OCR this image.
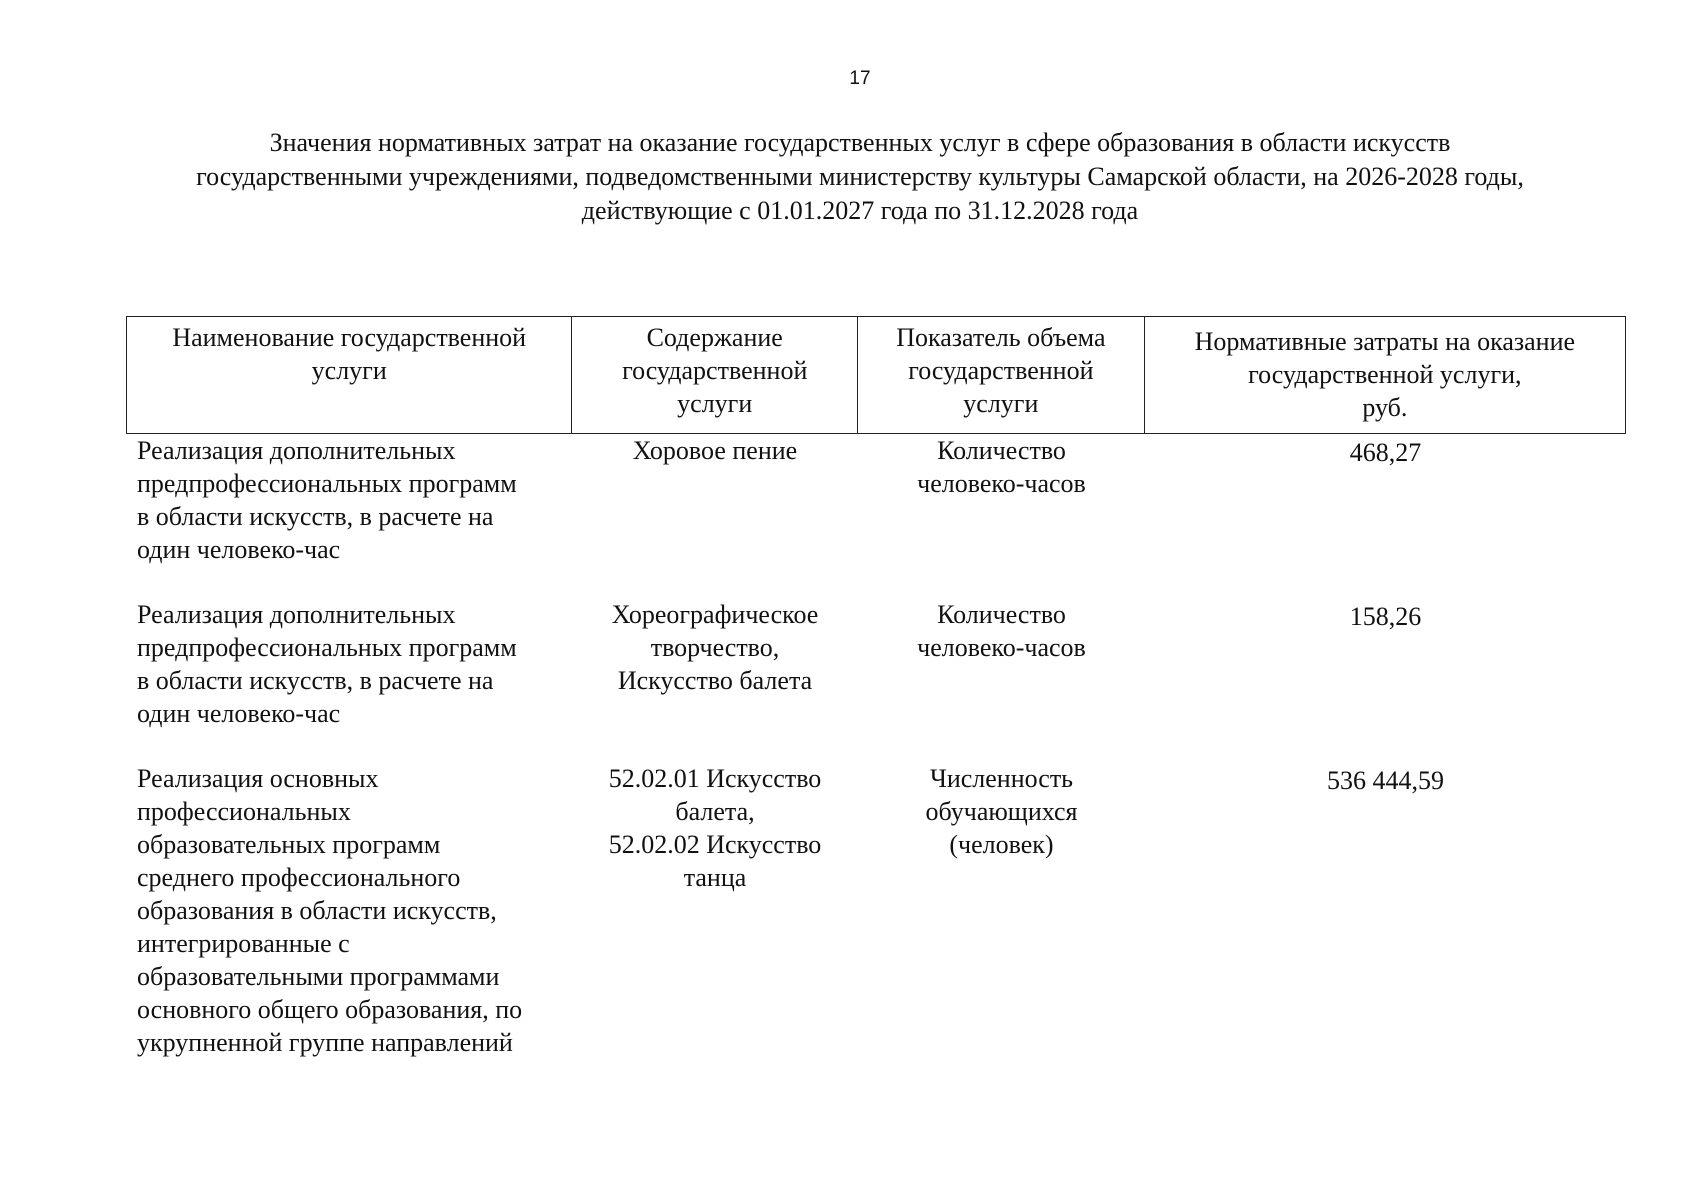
17
Значения нормативных затрат на оказание государственных услуг в сфере образования в области искусств
государственными учреждениями, подведомственными министерству культуры Самарской области, на 2026-2028 годы,
действующие с 01.01.2027 года по 31.12.2028 года
Наименование государственной
услуги
Содержание
государственной
услуги
Показатель объема
государственной
услуги
Нормативные затраты на оказание
государственной услуги,
руб.
Реализация дополнительных
предпрофессиональных программ
в области искусств, в расчете на
один человеко-час
Хоровое пение	Количество
человеко-часов
468,27
Реализация дополнительных
предпрофессиональных программ
в области искусств, в расчете на
один человеко-час
Хореографическое
творчество,
Искусство балета
Количество
человеко-часов
158,26
Реализация основных
профессиональных
образовательных программ
среднего профессионального
образования в области искусств,
интегрированные с
образовательными программами
основного общего образования, по
укрупненной группе направлений
52.02.01 Искусство
балета,
52.02.02 Искусство
танца
Численность
обучающихся
(человек)
536 444,59
